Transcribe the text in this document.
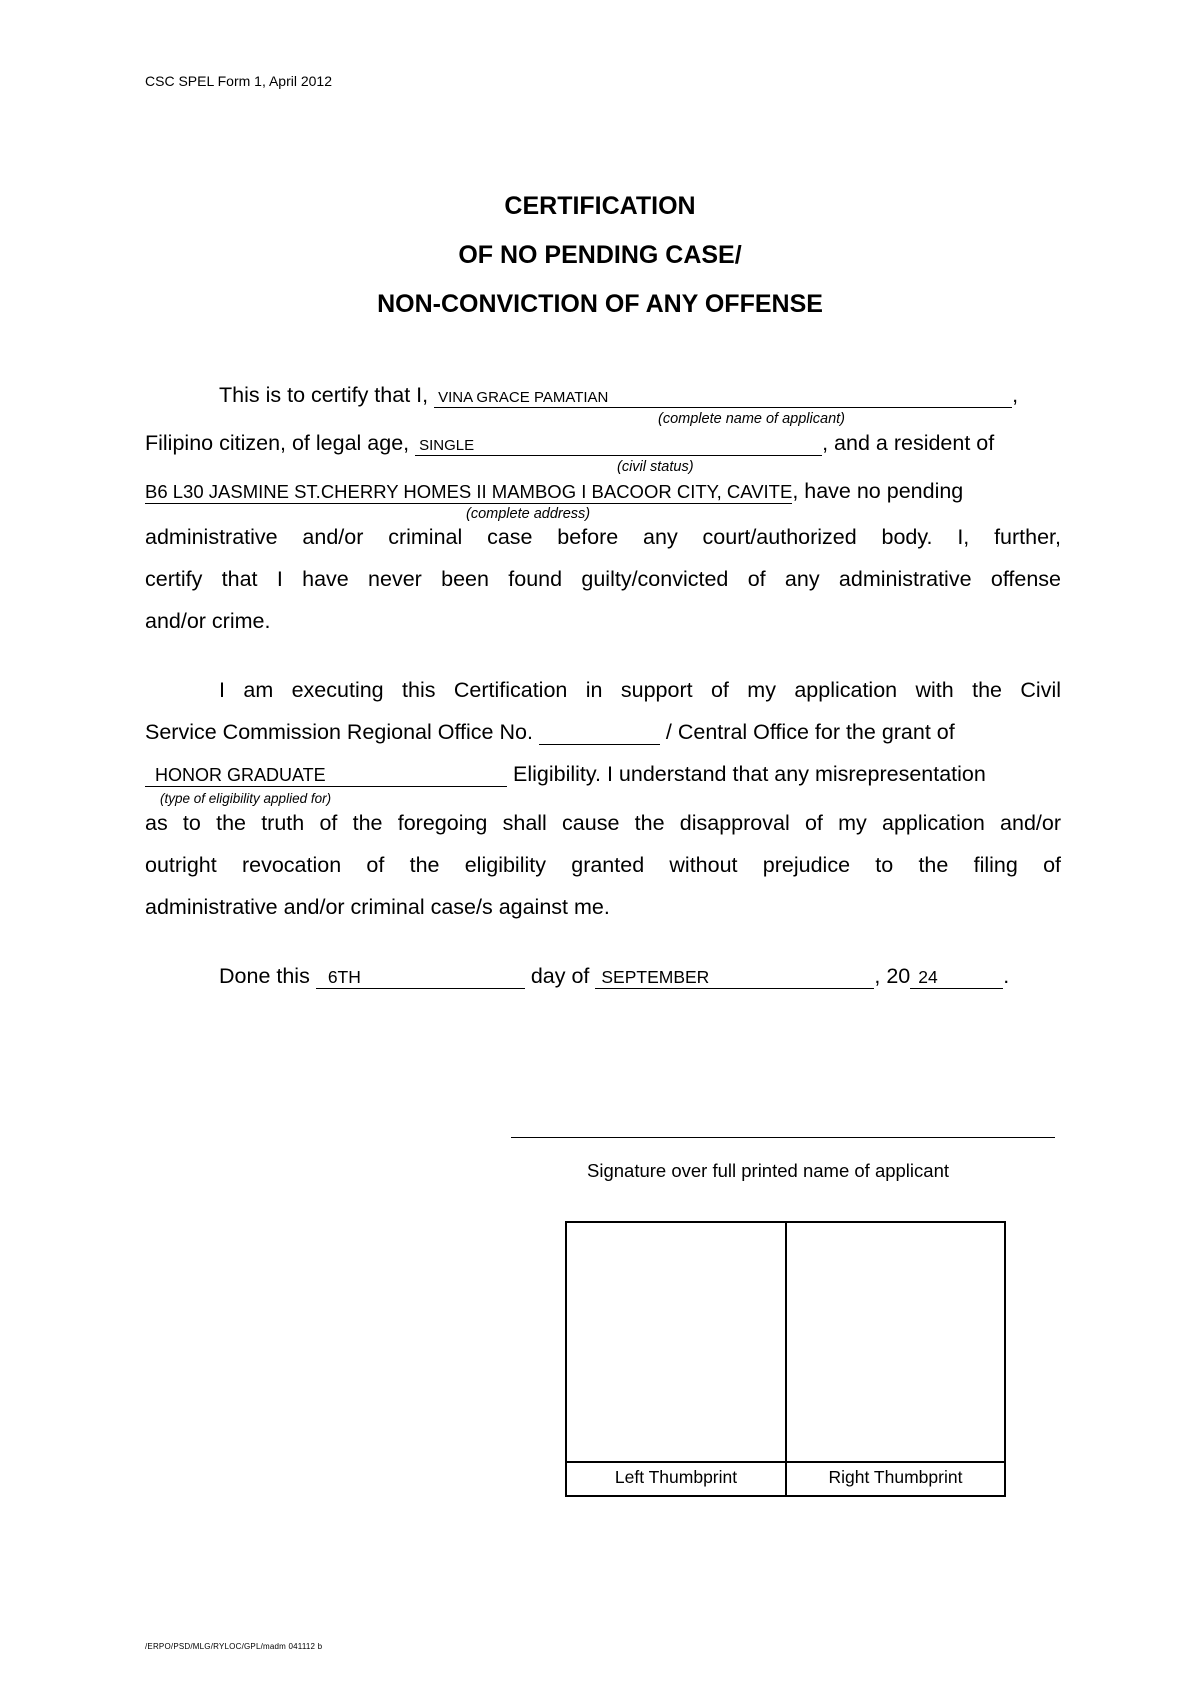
CSC SPEL Form 1, April 2012
CERTIFICATION
OF NO PENDING CASE/
NON-CONVICTION OF ANY OFFENSE
This is to certify that I, VINA GRACE PAMATIAN	,
(complete name of applicant)
Filipino citizen, of legal age, SINGLE	, and a resident of
(civil status)
B6 L30 JASMINE ST.CHERRY HOMES II MAMBOG I BACOOR CITY, CAVITE, have no pending
(complete address)
administrative and/or criminal case before any court/authorized body. I, further,
certify that I have never been found guilty/convicted of any administrative offense
and/or crime.
I am executing this Certification in support of my application with the Civil
Service Commission Regional Office No.	/ Central Office for the grant of
HONOR GRADUATE	Eligibility. I understand that any misrepresentation
(type of eligibility applied for)
as to the truth of the foregoing shall cause the disapproval of my application and/or
outright revocation of the eligibility granted without prejudice to the filing of
administrative and/or criminal case/s against me.
Done this 6TH	day of SEPTEMBER	, 20 24	.
Signature over full printed name of applicant
Left Thumbprint	Right Thumbprint
/ERPO/PSD/MLG/RYLOC/GPL/madm 041112 b
